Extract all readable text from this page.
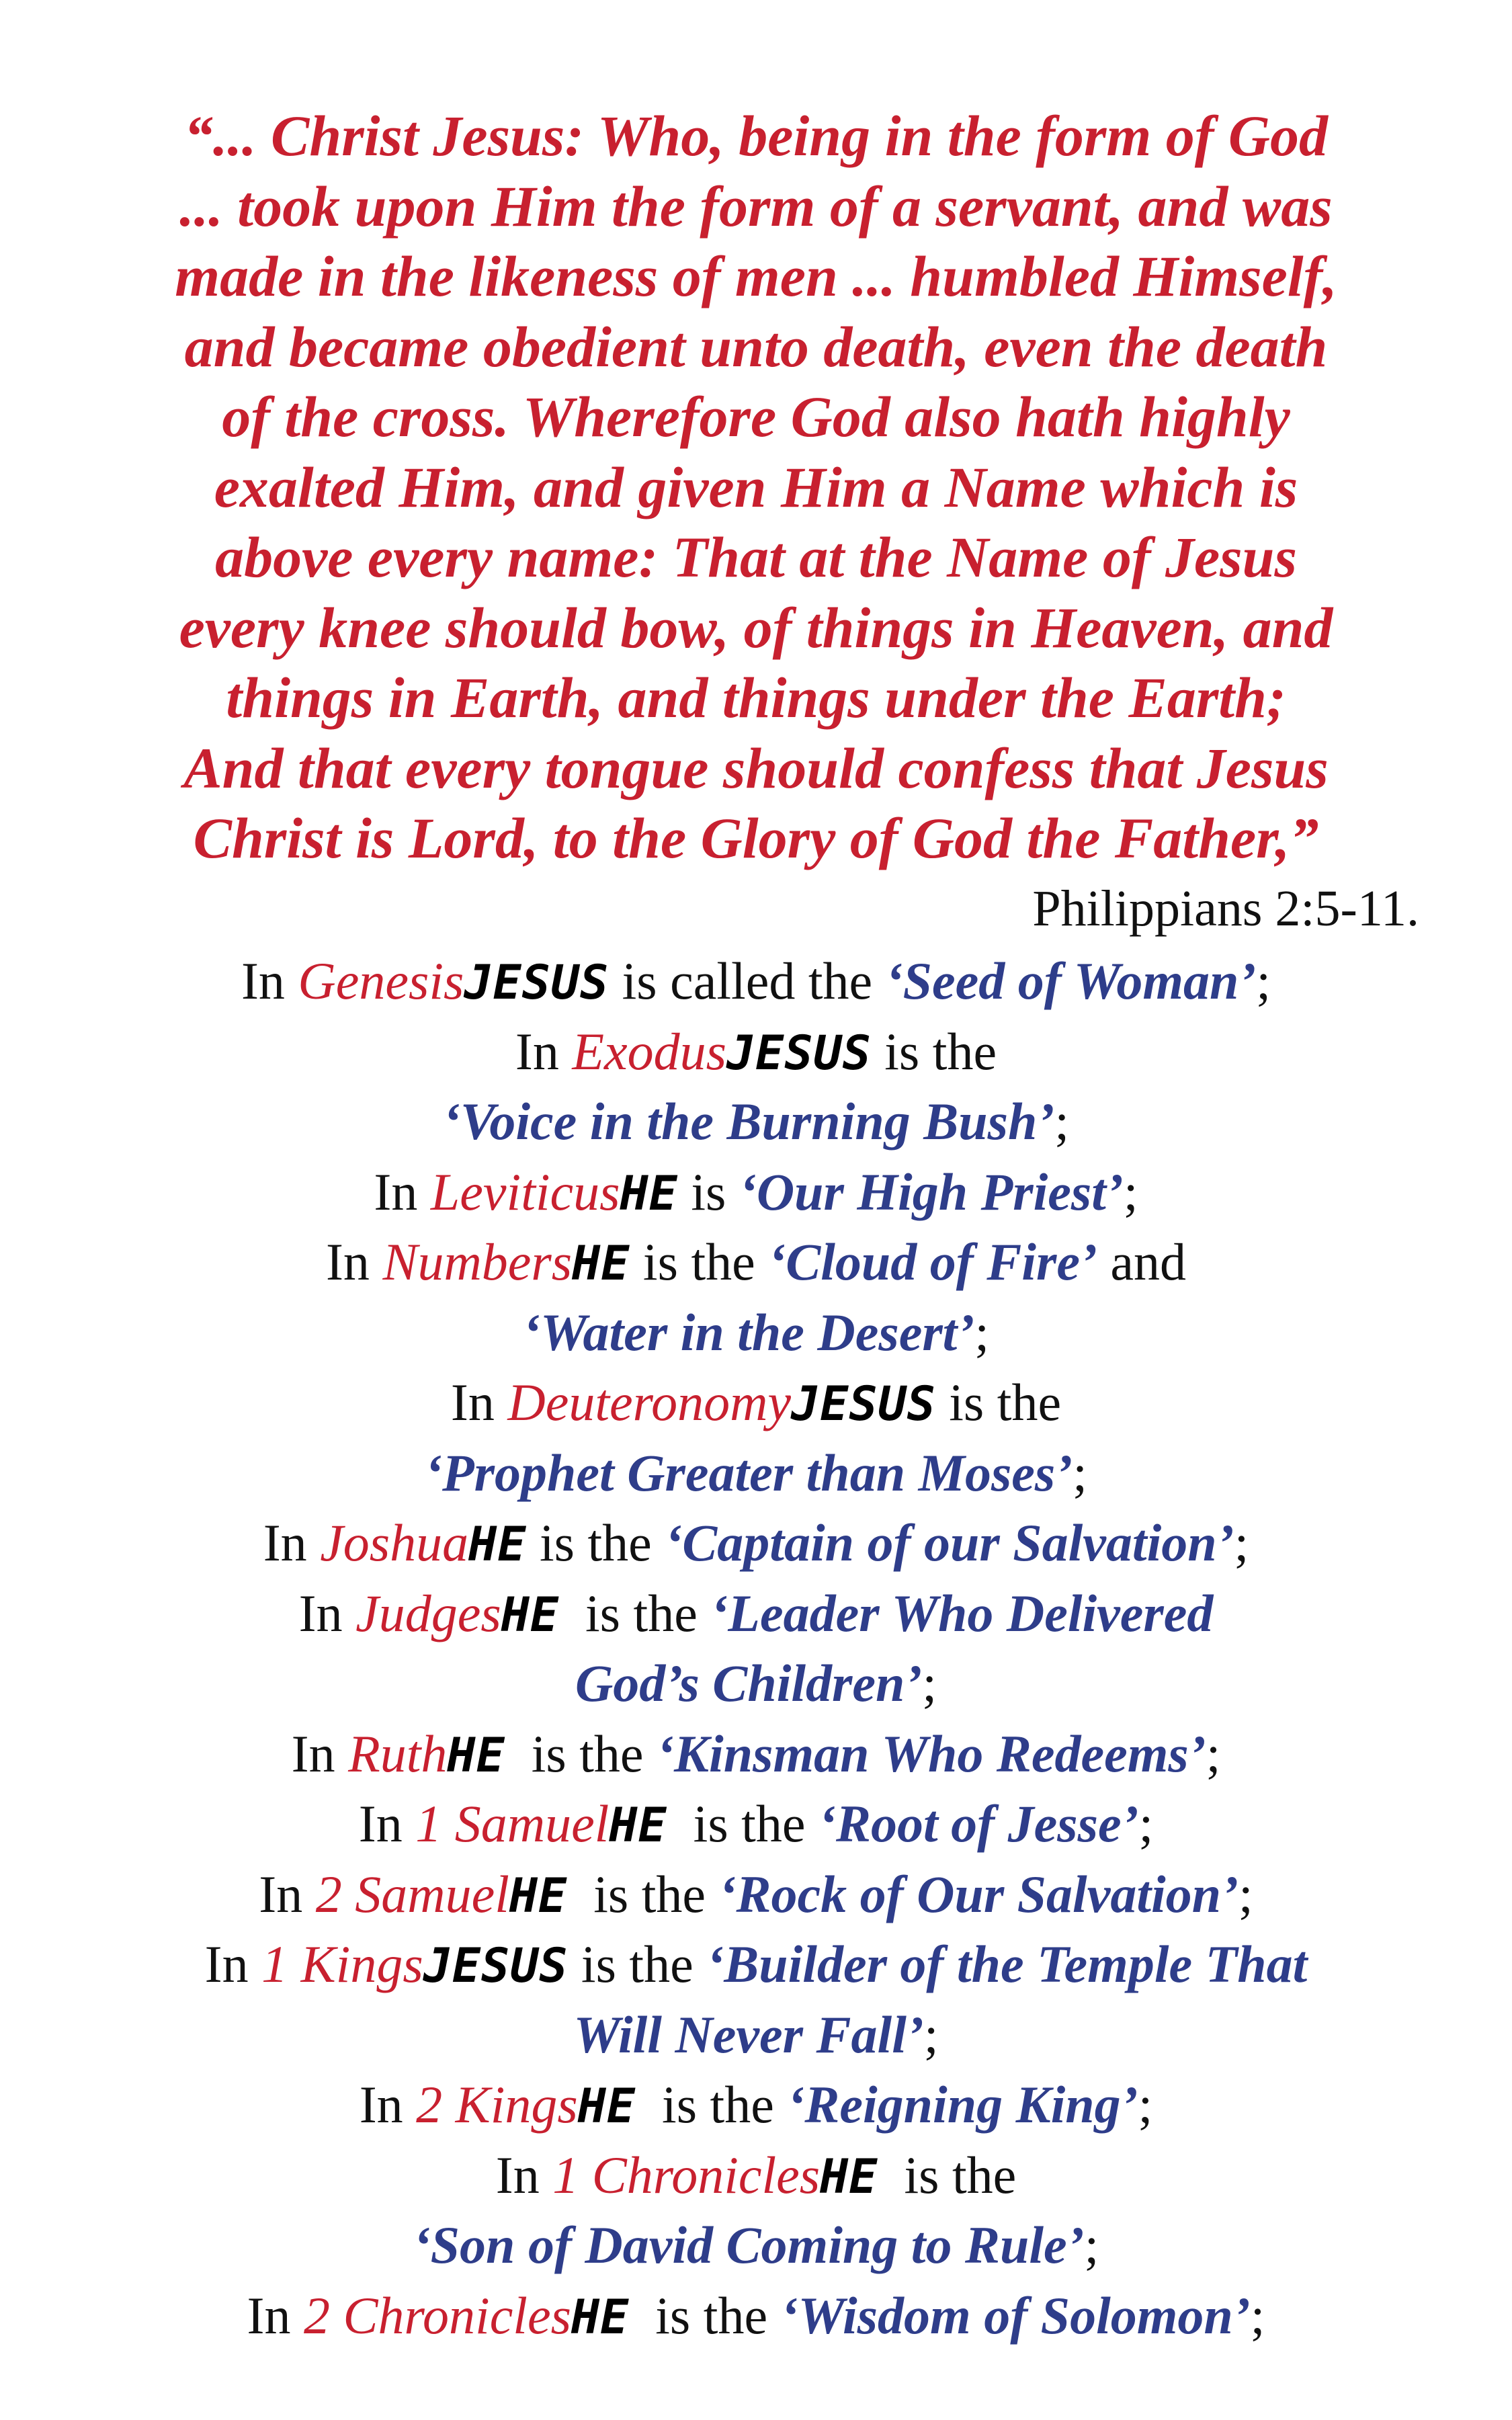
“... Christ Jesus: Who, being in the form of God
... took upon Him the form of a servant, and was
made in the likeness of men ... humbled Himself,
and became obedient unto death, even the death
of the cross. Wherefore God also hath highly
exalted Him, and given Him a Name which is
above every name: That at the Name of Jesus
every knee should bow, of things in Heaven, and
things in Earth, and things under the Earth;
And that every tongue should confess that Jesus
Christ is Lord, to the Glory of God the Father,”
Philippians 2:5-11.
In GenesisJESUS is called the ‘Seed of Woman’;
In ExodusJESUS is the
‘Voice in the Burning Bush’;
In LeviticusHE is ‘Our High Priest’;
In NumbersHE is the ‘Cloud of Fire’ and
‘Water in the Desert’;
In DeuteronomyJESUS is the
‘Prophet Greater than Moses’;
In JoshuaHE is the ‘Captain of our Salvation’;
In JudgesHE  is the ‘Leader Who Delivered
God’s Children’;
In RuthHE  is the ‘Kinsman Who Redeems’;
In 1 SamuelHE  is the ‘Root of Jesse’;
In 2 SamuelHE  is the ‘Rock of Our Salvation’;
In 1 KingsJESUS is the ‘Builder of the Temple That
Will Never Fall’;
In 2 KingsHE  is the ‘Reigning King’;
In 1 ChroniclesHE  is the
‘Son of David Coming to Rule’;
In 2 ChroniclesHE  is the ‘Wisdom of Solomon’;
